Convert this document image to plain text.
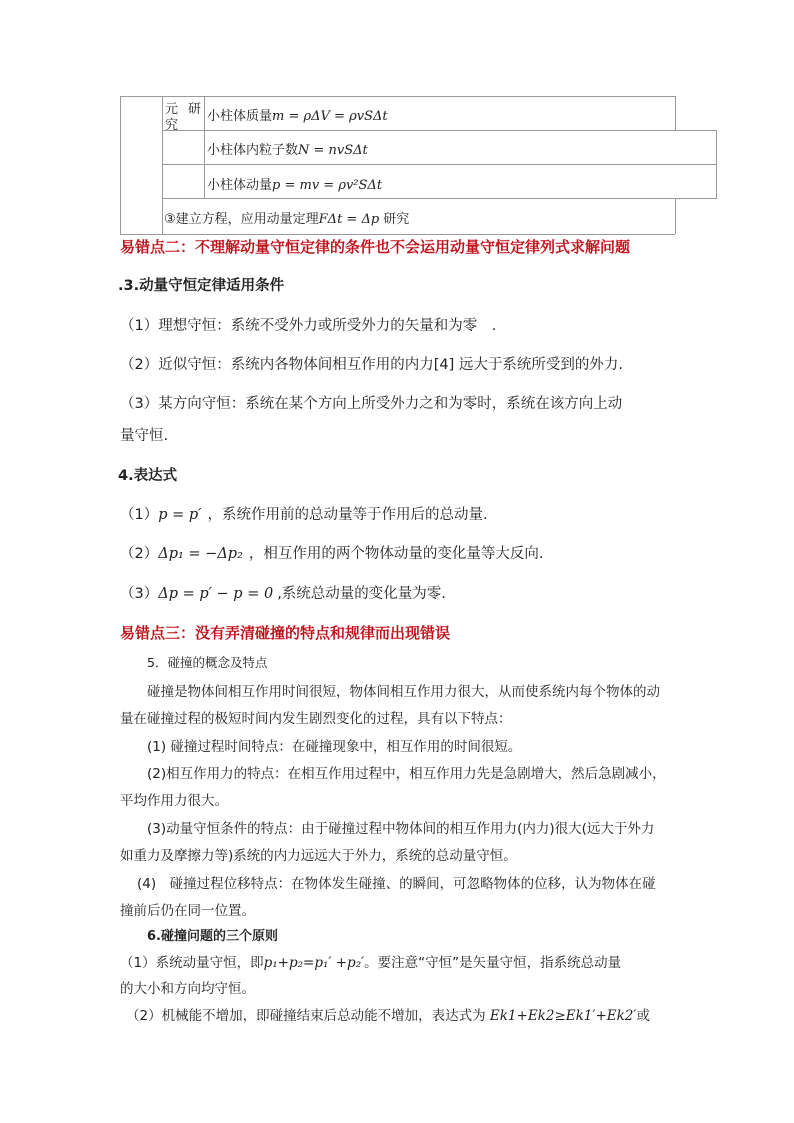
元 研
究
小柱体质量m = ρΔV = ρvSΔt
小柱体内粒子数N = nvSΔt
小柱体动量p = mv = ρv²SΔt
③建立方程，应用动量定理FΔt = Δp 研究
易错点二：不理解动量守恒定律的条件也不会运用动量守恒定律列式求解问题
.3.动量守恒定律适用条件
（1）理想守恒：系统不受外力或所受外力的矢量和为零　.
（2）近似守恒：系统内各物体间相互作用的内力[4] 远大于系统所受到的外力.
（3）某方向守恒：系统在某个方向上所受外力之和为零时，系统在该方向上动
量守恒.
4.表达式
（1）p = p′ ，系统作用前的总动量等于作用后的总动量.
（2）Δp₁ = −Δp₂ ，相互作用的两个物体动量的变化量等大反向.
（3）Δp = p′ − p = 0 ,系统总动量的变化量为零.
易错点三：没有弄清碰撞的特点和规律而出现错误
5．碰撞的概念及特点
碰撞是物体间相互作用时间很短，物体间相互作用力很大，从而使系统内每个物体的动
量在碰撞过程的极短时间内发生剧烈变化的过程，具有以下特点：
(1) 碰撞过程时间特点：在碰撞现象中，相互作用的时间很短。
(2)相互作用力的特点：在相互作用过程中，相互作用力先是急剧增大，然后急剧减小，
平均作用力很大。
(3)动量守恒条件的特点：由于碰撞过程中物体间的相互作用力(内力)很大(远大于外力
如重力及摩擦力等)系统的内力远远大于外力，系统的总动量守恒。
(4)　碰撞过程位移特点：在物体发生碰撞、的瞬间，可忽略物体的位移，认为物体在碰
撞前后仍在同一位置。
6.碰撞问题的三个原则
（1）系统动量守恒，即p₁+p₂=p₁′ +p₂′。要注意“守恒”是矢量守恒，指系统总动量
的大小和方向均守恒。
（2）机械能不增加，即碰撞结束后总动能不增加，表达式为 Ek1+Ek2≥Ek1′+Ek2′或
